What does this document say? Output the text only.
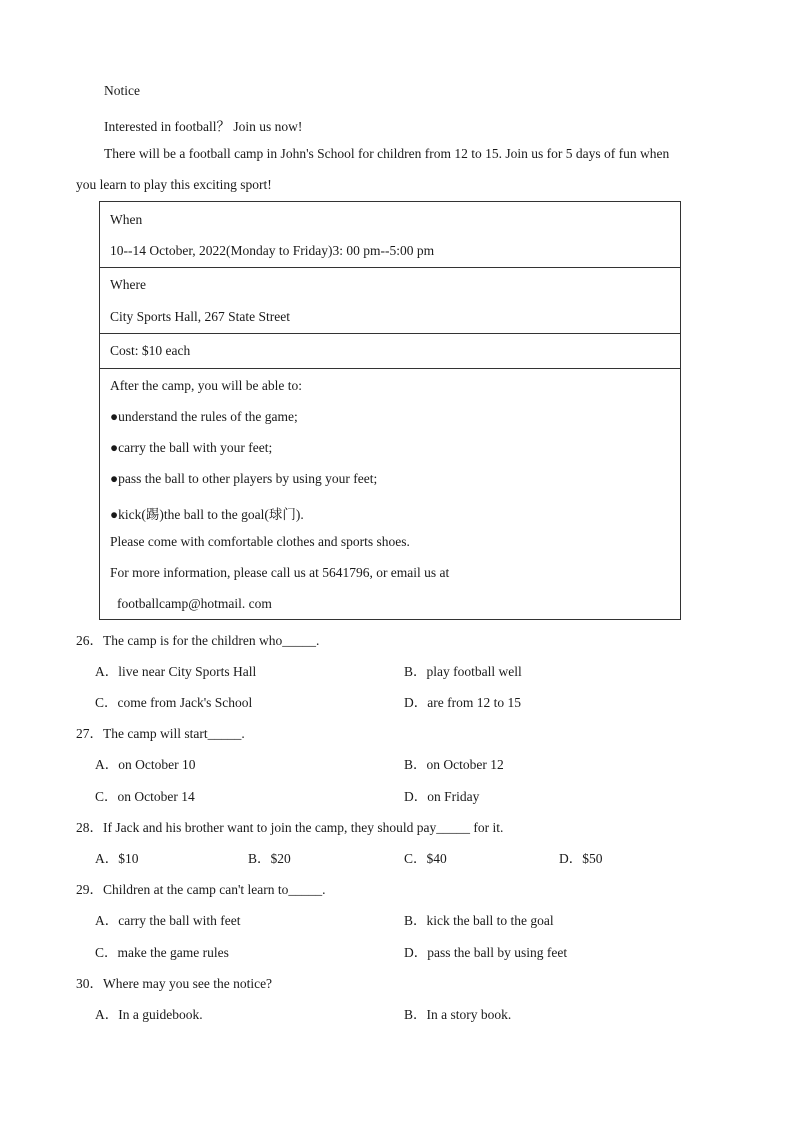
Notice
Interested in football？ Join us now!
There will be a football camp in John's School for children from 12 to 15. Join us for 5 days of fun when
you learn to play this exciting sport!
When
10--14 October, 2022(Monday to Friday)3: 00 pm--5:00 pm
Where
City Sports Hall, 267 State Street
Cost: $10 each
After the camp, you will be able to:
●understand the rules of the game;
●carry the ball with your feet;
●pass the ball to other players by using your feet;
●kick(踢)the ball to the goal(球门).
Please come with comfortable clothes and sports shoes.
For more information, please call us at 5641796, or email us at
footballcamp@hotmail. com
26．The camp is for the children who_____.
A．live near City Sports Hall	B．play football well
C．come from Jack's School	D．are from 12 to 15
27．The camp will start_____.
A．on October 10	B．on October 12
C．on October 14	D．on Friday
28．If Jack and his brother want to join the camp, they should pay_____ for it.
A．$10	B．$20	C．$40	D．$50
29．Children at the camp can't learn to_____.
A．carry the ball with feet	B．kick the ball to the goal
C．make the game rules	D．pass the ball by using feet
30．Where may you see the notice?
A．In a guidebook.	B．In a story book.
